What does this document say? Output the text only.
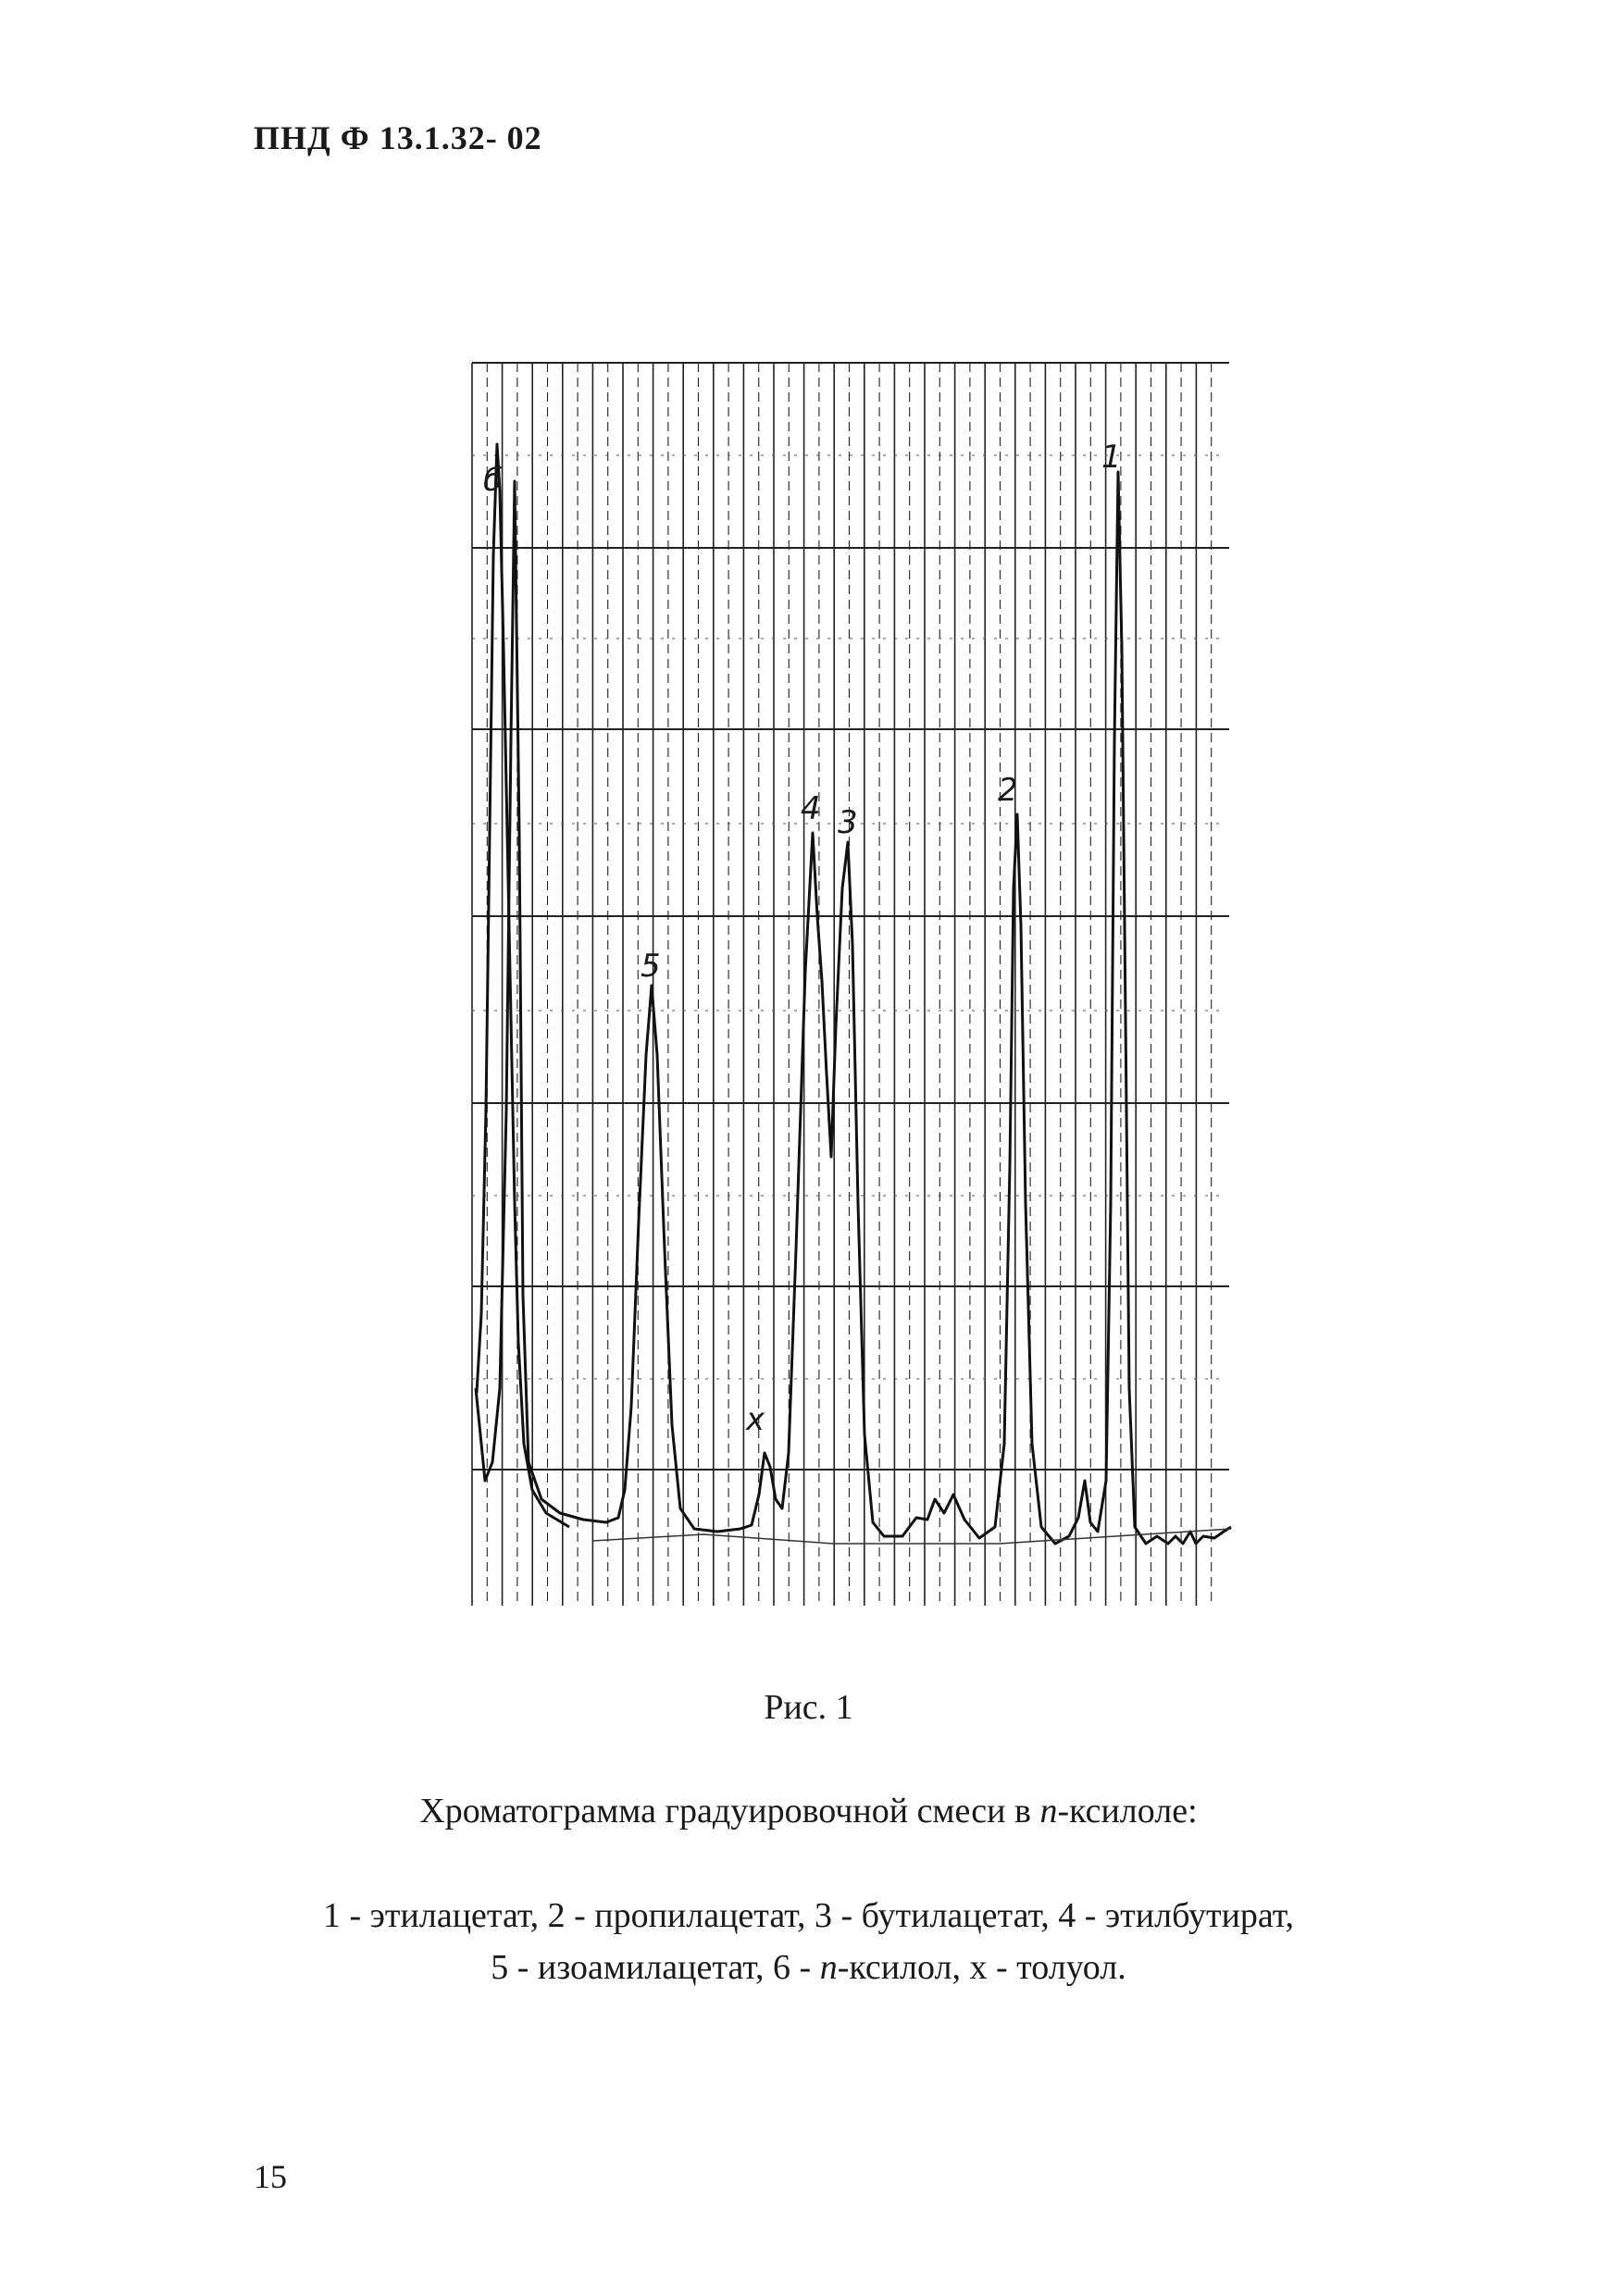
ПНД Ф 13.1.32- 02
б
5
х
4 3
2
1
Рис. 1
Хроматограмма градуировочной смеси в n-ксилоле:
1 - этилацетат, 2 - пропилацетат, 3 - бутилацетат, 4 - этилбутират,
5 - изоамилацетат, 6 - n-ксилол, х - толуол.
15
